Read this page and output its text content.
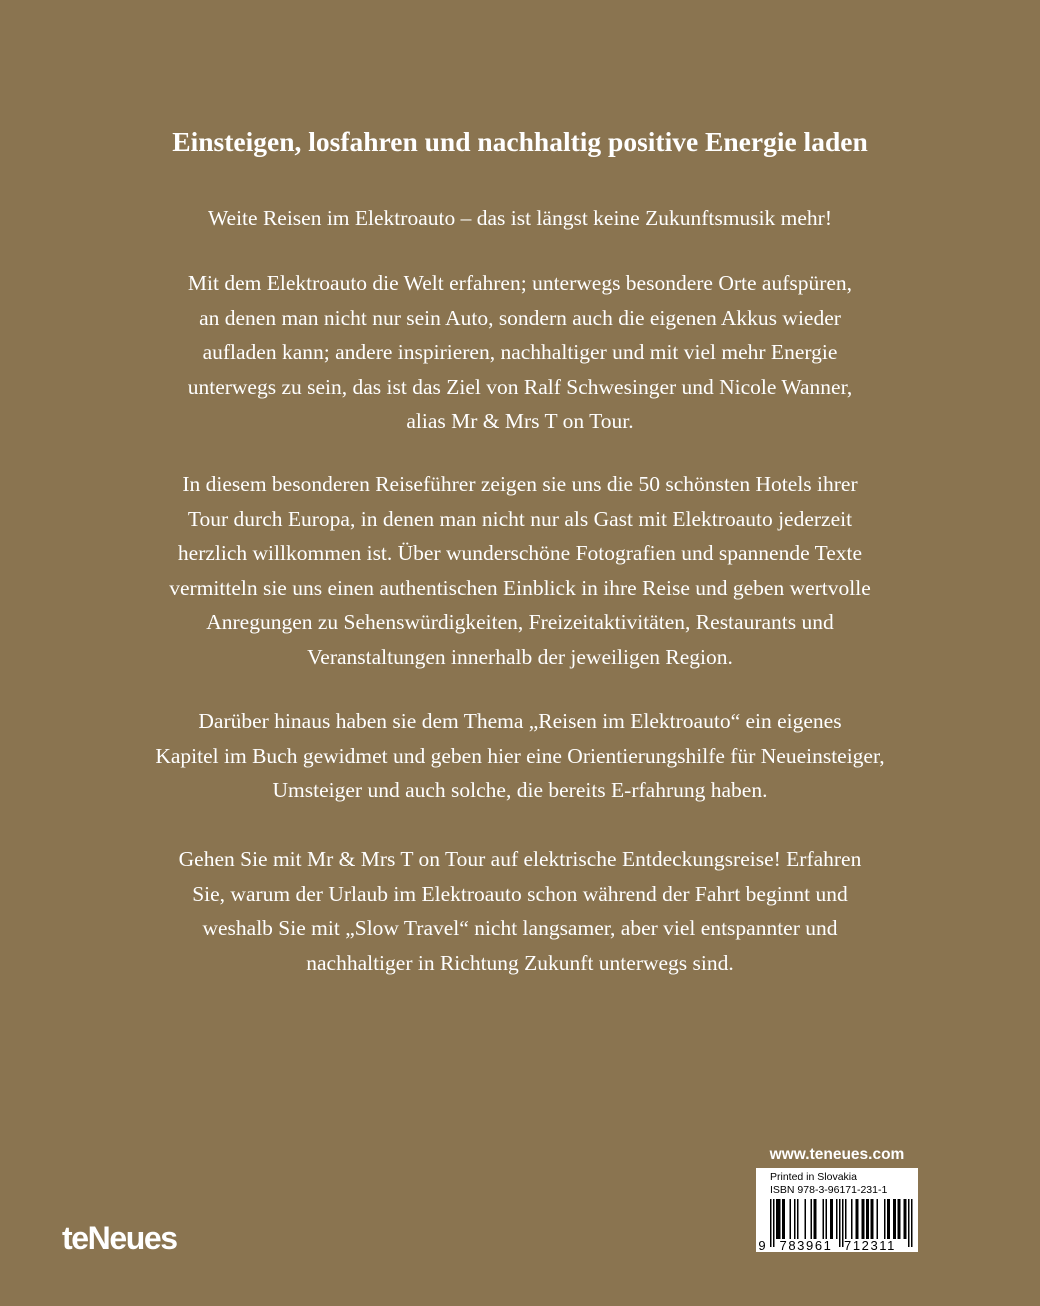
Einsteigen, losfahren und nachhaltig positive Energie laden

Weite Reisen im Elektroauto – das ist längst keine Zukunftsmusik mehr!

Mit dem Elektroauto die Welt erfahren; unterwegs besondere Orte aufspüren,
an denen man nicht nur sein Auto, sondern auch die eigenen Akkus wieder
aufladen kann; andere inspirieren, nachhaltiger und mit viel mehr Energie
unterwegs zu sein, das ist das Ziel von Ralf Schwesinger und Nicole Wanner,
alias Mr & Mrs T on Tour.

In diesem besonderen Reiseführer zeigen sie uns die 50 schönsten Hotels ihrer
Tour durch Europa, in denen man nicht nur als Gast mit Elektroauto jederzeit
herzlich willkommen ist. Über wunderschöne Fotografien und spannende Texte
vermitteln sie uns einen authentischen Einblick in ihre Reise und geben wertvolle
Anregungen zu Sehenswürdigkeiten, Freizeitaktivitäten, Restaurants und
Veranstaltungen innerhalb der jeweiligen Region.

Darüber hinaus haben sie dem Thema „Reisen im Elektroauto“ ein eigenes
Kapitel im Buch gewidmet und geben hier eine Orientierungshilfe für Neueinsteiger,
Umsteiger und auch solche, die bereits E-rfahrung haben.

Gehen Sie mit Mr & Mrs T on Tour auf elektrische Entdeckungsreise! Erfahren
Sie, warum der Urlaub im Elektroauto schon während der Fahrt beginnt und
weshalb Sie mit „Slow Travel“ nicht langsamer, aber viel entspannter und
nachhaltiger in Richtung Zukunft unterwegs sind.

teNeues
www.teneues.com
Printed in Slovakia
ISBN 978-3-96171-231-1
9 783961 712311
